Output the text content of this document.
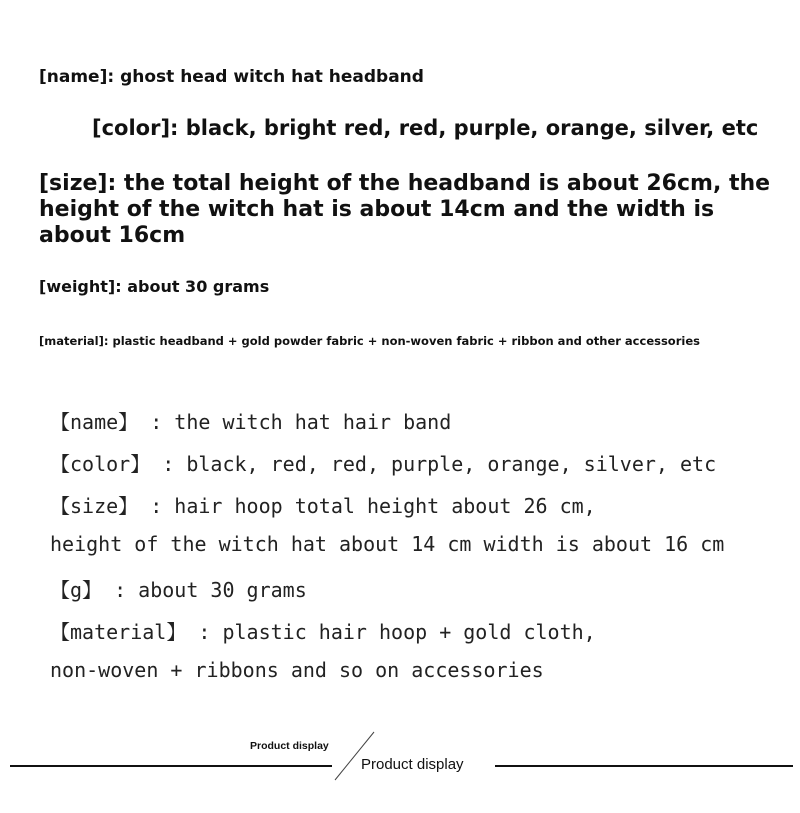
[name]: ghost head witch hat headband
[color]: black, bright red, red, purple, orange, silver, etc
[size]: the total height of the headband is about 26cm, the height of the witch hat is about 14cm and the width is about 16cm
[weight]: about 30 grams
[material]: plastic headband + gold powder fabric + non-woven fabric + ribbon and other accessories
【name】 : the witch hat hair band
【color】 : black, red, red, purple, orange, silver, etc
【size】 : hair hoop total height about 26 cm,
height of the witch hat about 14 cm width is about 16 cm
【g】 : about 30 grams
【material】 : plastic hair hoop + gold cloth,
non-woven + ribbons and so on accessories
Product display
Product display
